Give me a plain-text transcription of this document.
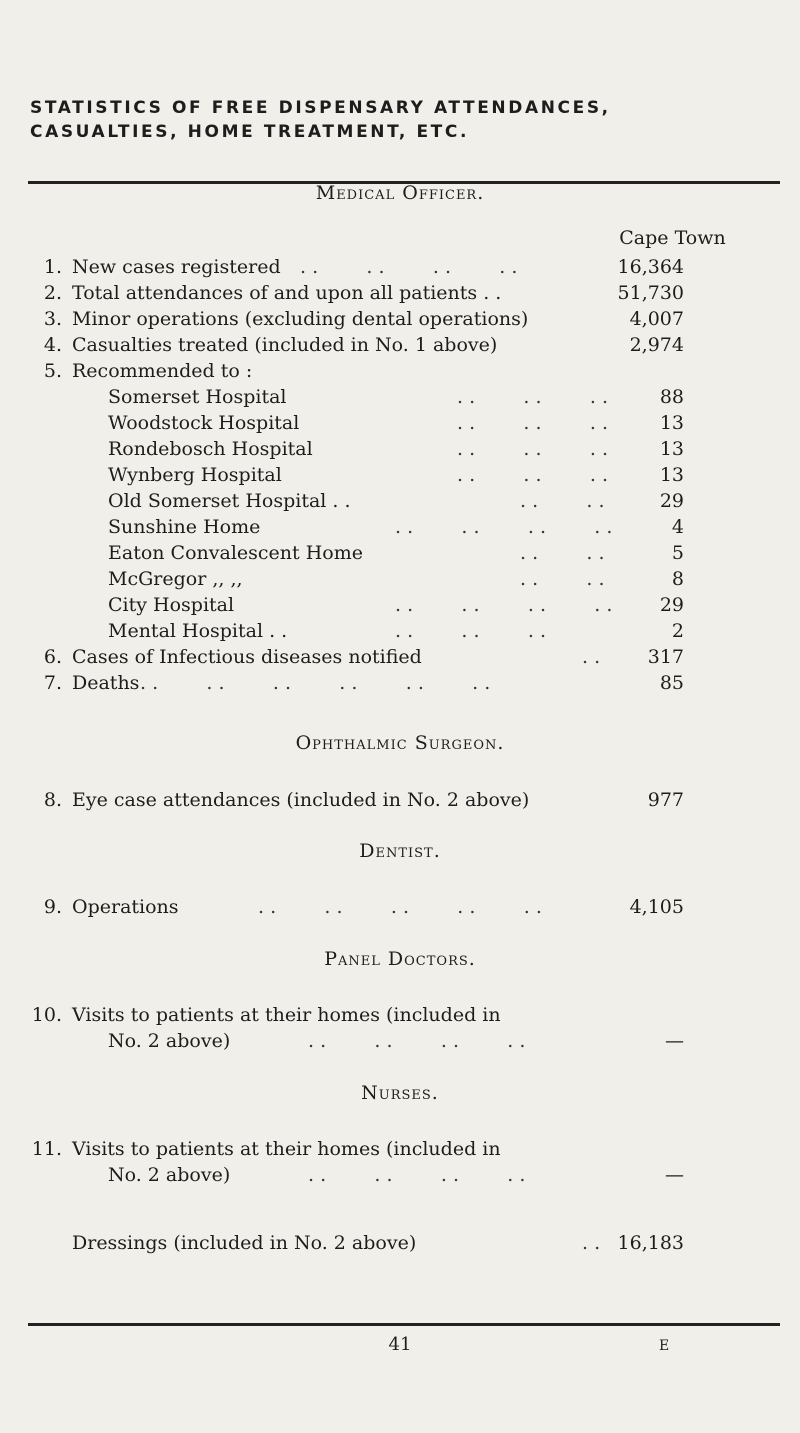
STATISTICS OF FREE DISPENSARY ATTENDANCES,
CASUALTIES, HOME TREATMENT, ETC.
Medical Officer.
Cape Town
1. New cases registered . .        . .        . .        . .	16,364
2. Total attendances of and upon all patients . .	51,730
3. Minor operations (excluding dental operations)	4,007
4. Casualties treated (included in No. 1 above)	2,974
5. Recommended to :
Somerset Hospital	. .        . .        . .	88
Woodstock Hospital	. .        . .        . .	13
Rondebosch Hospital	. .        . .        . .	13
Wynberg Hospital	. .        . .        . .	13
Old Somerset Hospital . .	. .        . .	29
Sunshine Home	. .        . .        . .        . .	4
Eaton Convalescent Home	. .        . .	5
McGregor ,, ,,	. .        . .	8
City Hospital	. .        . .        . .        . . 29
Mental Hospital . .	. .        . .        . .	2
6. Cases of Infectious diseases notified	. .	317
7. Deaths . .        . .        . .        . .        . .        . .	85
Ophthalmic Surgeon.
8. Eye case attendances (included in No. 2 above)	977
Dentist.
9. Operations	. .        . .        . .        . .        . .	4,105
Panel Doctors.
10. Visits to patients at their homes (included in
No. 2 above)	. .        . .        . .        . .	—
Nurses.
11. Visits to patients at their homes (included in
No. 2 above)	. .        . .        . .        . .	—
Dressings (included in No. 2 above)	. . 16,183
41	E
